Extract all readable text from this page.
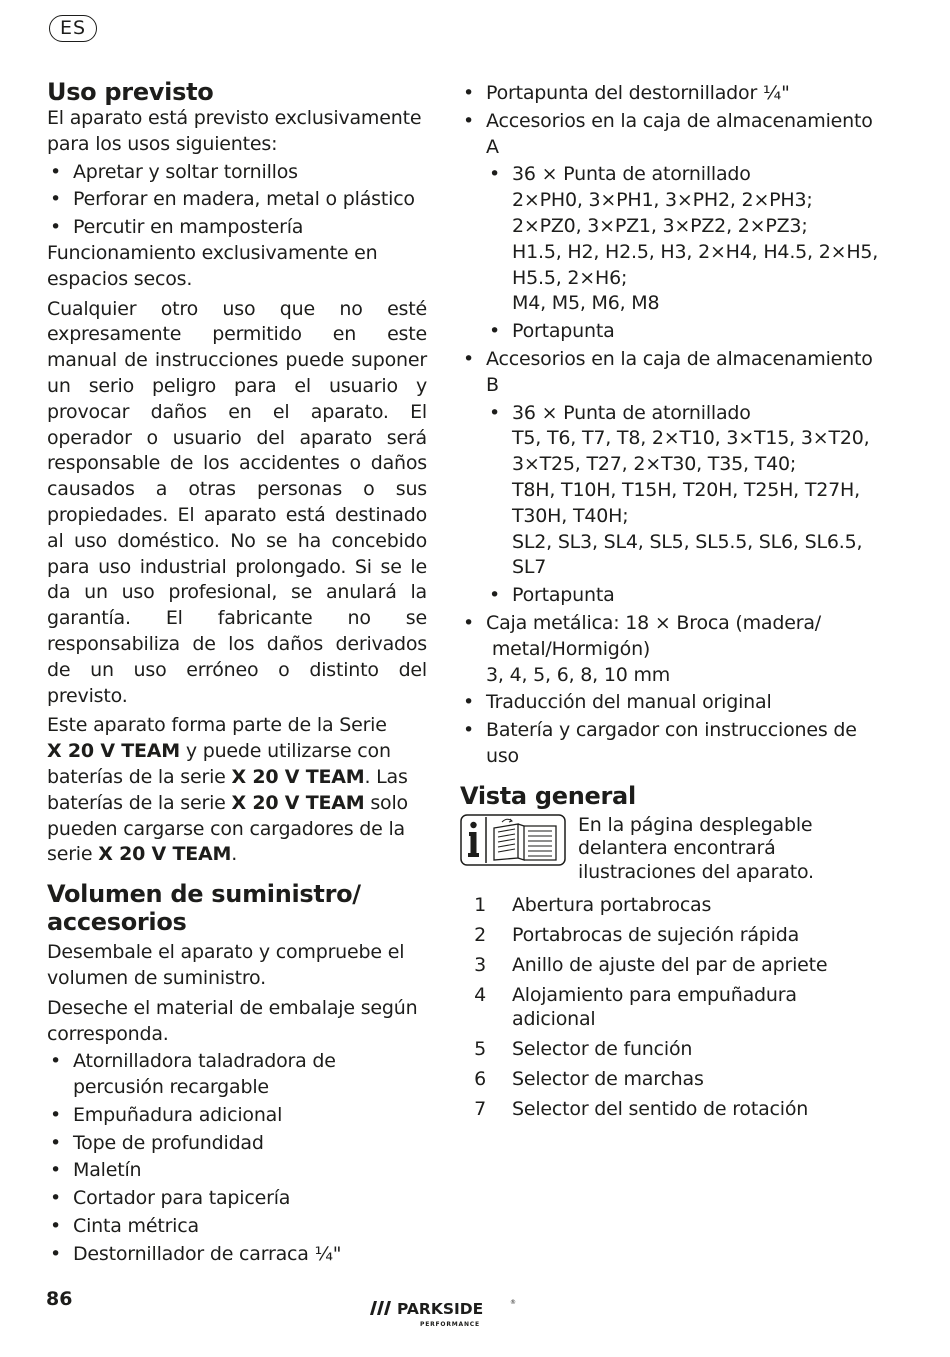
ES
Uso previsto

El aparato está previsto exclusivamente para los usos siguientes:

• Apretar y soltar tornillos
• Perforar en madera, metal o plástico
• Percutir en mampostería

Funcionamiento exclusivamente en espacios secos.

Cualquier otro uso que no esté expresamente permitido en este manual de instrucciones puede suponer un serio peligro para el usuario y provocar daños en el aparato. El operador o usuario del aparato será responsable de los accidentes o daños causados a otras personas o sus propiedades. El aparato está destinado al uso doméstico. No se ha concebido para uso industrial prolongado. Si se le da un uso profesional, se anulará la garantía. El fabricante no se responsabiliza de los daños derivados de un uso erróneo o distinto del previsto.

Este aparato forma parte de la Serie
X 20 V TEAM y puede utilizarse con baterías de la serie X 20 V TEAM. Las baterías de la serie X 20 V TEAM solo pueden cargarse con cargadores de la serie X 20 V TEAM.

Volumen de suministro/ accesorios

Desembale el aparato y compruebe el volumen de suministro.

Deseche el material de embalaje según corresponda.

• Atornilladora taladradora de percusión recargable
• Empuñadura adicional
• Tope de profundidad
• Maletín
• Cortador para tapicería
• Cinta métrica
• Destornillador de carraca ¼"
• Portapunta del destornillador ¼"
• Accesorios en la caja de almacenamiento A
• 36 × Punta de atornillado
2×PH0, 3×PH1, 3×PH2, 2×PH3;
2×PZ0, 3×PZ1, 3×PZ2, 2×PZ3;
H1.5, H2, H2.5, H3, 2×H4, H4.5, 2×H5, H5.5, 2×H6;
M4, M5, M6, M8
• Portapunta
• Accesorios en la caja de almacenamiento B
• 36 × Punta de atornillado
T5, T6, T7, T8, 2×T10, 3×T15, 3×T20, 3×T25, T27, 2×T30, T35, T40;
T8H, T10H, T15H, T20H, T25H, T27H, T30H, T40H;
SL2, SL3, SL4, SL5, SL5.5, SL6, SL6.5, SL7
• Portapunta
• Caja metálica: 18 × Broca (madera/
metal/Hormigón)
3, 4, 5, 6, 8, 10 mm
• Traducción del manual original
• Batería y cargador con instrucciones de uso
Vista general
En la página desplegable delantera encontrará ilustraciones del aparato.
1 Abertura portabrocas
2 Portabrocas de sujeción rápida
3 Anillo de ajuste del par de apriete
4 Alojamiento para empuñadura adicional
5 Selector de función
6 Selector de marchas
7 Selector del sentido de rotación
86	PARKSIDE	®
PERFORMANCE
